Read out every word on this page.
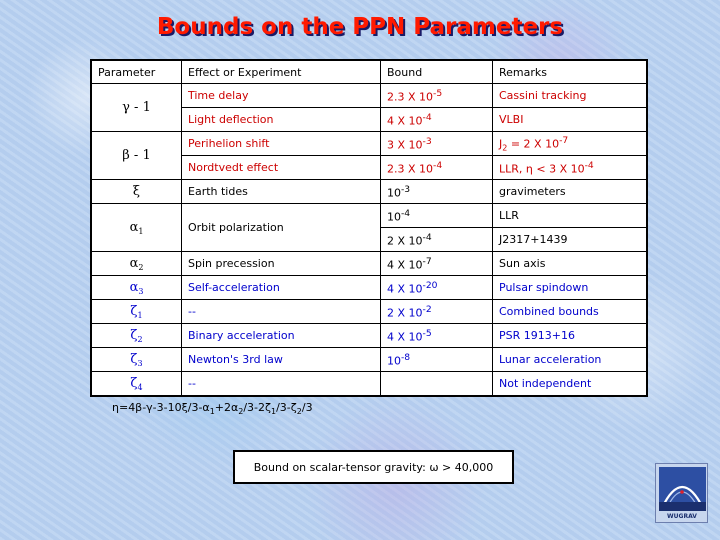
Bounds on the PPN Parameters
Parameter	Effect or Experiment	Bound	Remarks
γ - 1	Time delay	2.3 X $10^{-5}$	Cassini tracking
	Light deflection	4 X $10^{-4}$	VLBI
β - 1	Perihelion shift	3 X $10^{-3}$	$J_2 = 2$ X $10^{-7}$
	Nordtvedt effect	2.3 X $10^{-4}$	LLR, η < 3 X $10^{-4}$
ξ	Earth tides	$10^{-3}$	gravimeters
$\alpha_1$	Orbit polarization	$10^{-4}$	LLR
		2 X $10^{-4}$	J2317+1439
$\alpha_2$	Spin precession	4 X $10^{-7}$	Sun axis
$\alpha_3$	Self-acceleration	4 X $10^{-20}$	Pulsar spindown
$\zeta_1$	--	2 X $10^{-2}$	Combined bounds
$\zeta_2$	Binary acceleration	4 X $10^{-5}$	PSR 1913+16
$\zeta_3$	Newton's 3rd law	$10^{-8}$	Lunar acceleration
$\zeta_4$	--		Not independent
$\eta=4\beta-\gamma-3-10\xi/3-\alpha_1+2\alpha_2/3-2\zeta_1/3-\zeta_2/3$
Bound on scalar-tensor gravity: ω > 40,000
WUGRAV
